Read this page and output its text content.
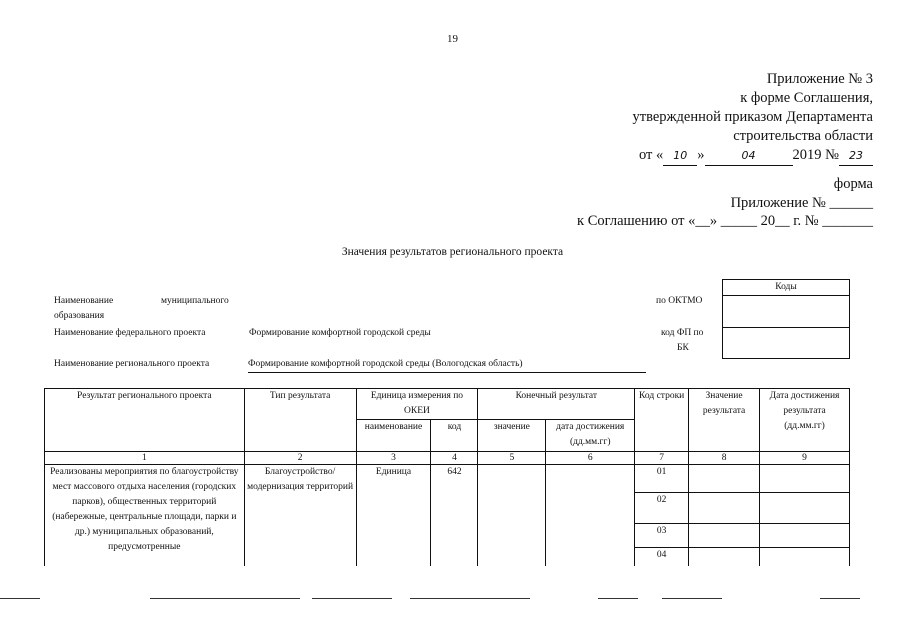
19
Приложение № 3
к форме Соглашения,
утвержденной приказом Департамента
строительства области
от « 10 »	04	2019 № 23
форма
Приложение № ______
к Соглашению от «__» _____ 20__ г. № _______
Значения результатов регионального проекта
Коды
Наименование	муниципального
образования
по ОКТМО
Наименование федерального проекта	Формирование комфортной городской среды	код ФП по
БК
Наименование регионального проекта	Формирование комфортной городской среды (Вологодская область)
Результат регионального проекта	Тип результата	Единица измерения по ОКЕИ		Конечный результат		Код строки	Значение результата	Дата достижения результата (дд.мм.гг)
		наименование	код	значение	дата достижения (дд.мм.гг)			
1	2	3	4	5	6	7	8	9
Реализованы мероприятия по благоустройству мест массового отдыха населения (городских парков), общественных территорий (набережные, центральные площади, парки и др.) муниципальных образований, предусмотренные	Благоустройство/ модернизация территорий	Единица	642			01		
						02		
						03		
						04		
